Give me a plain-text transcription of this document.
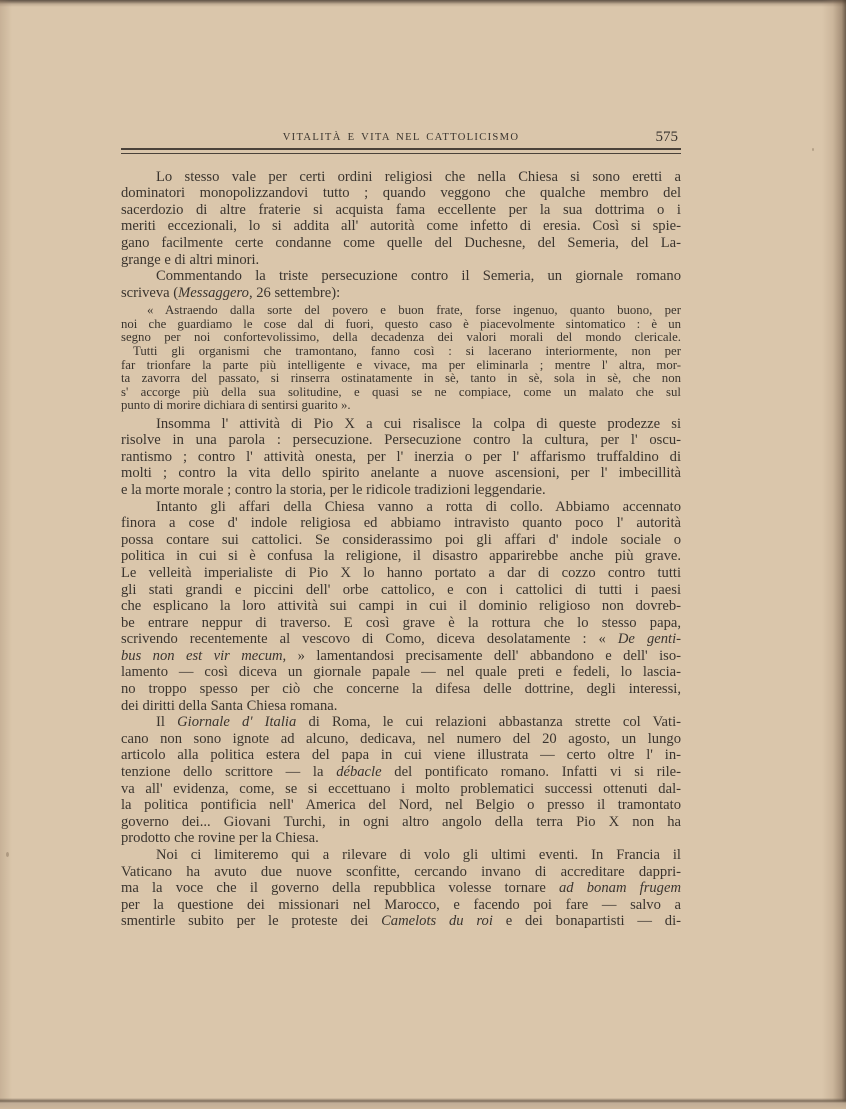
VITALITÀ E VITA NEL CATTOLICISMO	575
Lo stesso vale per certi ordini religiosi che nella Chiesa si sono eretti a
dominatori monopolizzandovi tutto ; quando veggono che qualche membro del
sacerdozio di altre fraterie si acquista fama eccellente per la sua dottrima o i
meriti eccezionali, lo si addita all' autorità come infetto di eresia. Così si spie-
gano facilmente certe condanne come quelle del Duchesne, del Semeria, del La-
grange e di altri minori.
Commentando la triste persecuzione contro il Semeria, un giornale romano
scriveva (Messaggero, 26 settembre):
« Astraendo dalla sorte del povero e buon frate, forse ingenuo, quanto buono, per
noi che guardiamo le cose dal di fuori, questo caso è piacevolmente sintomatico : è un
segno per noi confortevolissimo, della decadenza dei valori morali del mondo clericale.
Tutti gli organismi che tramontano, fanno così : si lacerano interiormente, non per
far trionfare la parte più intelligente e vivace, ma per eliminarla ; mentre l' altra, mor-
ta zavorra del passato, si rinserra ostinatamente in sè, tanto in sè, sola in sè, che non
s' accorge più della sua solitudine, e quasi se ne compiace, come un malato che sul
punto di morire dichiara di sentirsi guarito ».
Insomma l' attività di Pio X a cui risalisce la colpa di queste prodezze si
risolve in una parola : persecuzione. Persecuzione contro la cultura, per l' oscu-
rantismo ; contro l' attività onesta, per l' inerzia o per l' affarismo truffaldino di
molti ; contro la vita dello spirito anelante a nuove ascensioni, per l' imbecillità
e la morte morale ; contro la storia, per le ridicole tradizioni leggendarie.
Intanto gli affari della Chiesa vanno a rotta di collo. Abbiamo accennato
finora a cose d' indole religiosa ed abbiamo intravisto quanto poco l' autorità
possa contare sui cattolici. Se considerassimo poi gli affari d' indole sociale o
politica in cui si è confusa la religione, il disastro apparirebbe anche più grave.
Le velleità imperialiste di Pio X lo hanno portato a dar di cozzo contro tutti
gli stati grandi e piccini dell' orbe cattolico, e con i cattolici di tutti i paesi
che esplicano la loro attività sui campi in cui il dominio religioso non dovreb-
be entrare neppur di traverso. E così grave è la rottura che lo stesso papa,
scrivendo recentemente al vescovo di Como, diceva desolatamente : « De genti-
bus non est vir mecum, » lamentandosi precisamente dell' abbandono e dell' iso-
lamento — così diceva un giornale papale — nel quale preti e fedeli, lo lascia-
no troppo spesso per ciò che concerne la difesa delle dottrine, degli interessi,
dei diritti della Santa Chiesa romana.
Il Giornale d' Italia di Roma, le cui relazioni abbastanza strette col Vati-
cano non sono ignote ad alcuno, dedicava, nel numero del 20 agosto, un lungo
articolo alla politica estera del papa in cui viene illustrata — certo oltre l' in-
tenzione dello scrittore — la débacle del pontificato romano. Infatti vi si rile-
va all' evidenza, come, se si eccettuano i molto problematici successi ottenuti dal-
la politica pontificia nell' America del Nord, nel Belgio o presso il tramontato
governo dei... Giovani Turchi, in ogni altro angolo della terra Pio X non ha
prodotto che rovine per la Chiesa.
Noi ci limiteremo qui a rilevare di volo gli ultimi eventi. In Francia il
Vaticano ha avuto due nuove sconfitte, cercando invano di accreditare dappri-
ma la voce che il governo della repubblica volesse tornare ad bonam frugem
per la questione dei missionari nel Marocco, e facendo poi fare — salvo a
smentirle subito per le proteste dei Camelots du roi e dei bonapartisti — di-
